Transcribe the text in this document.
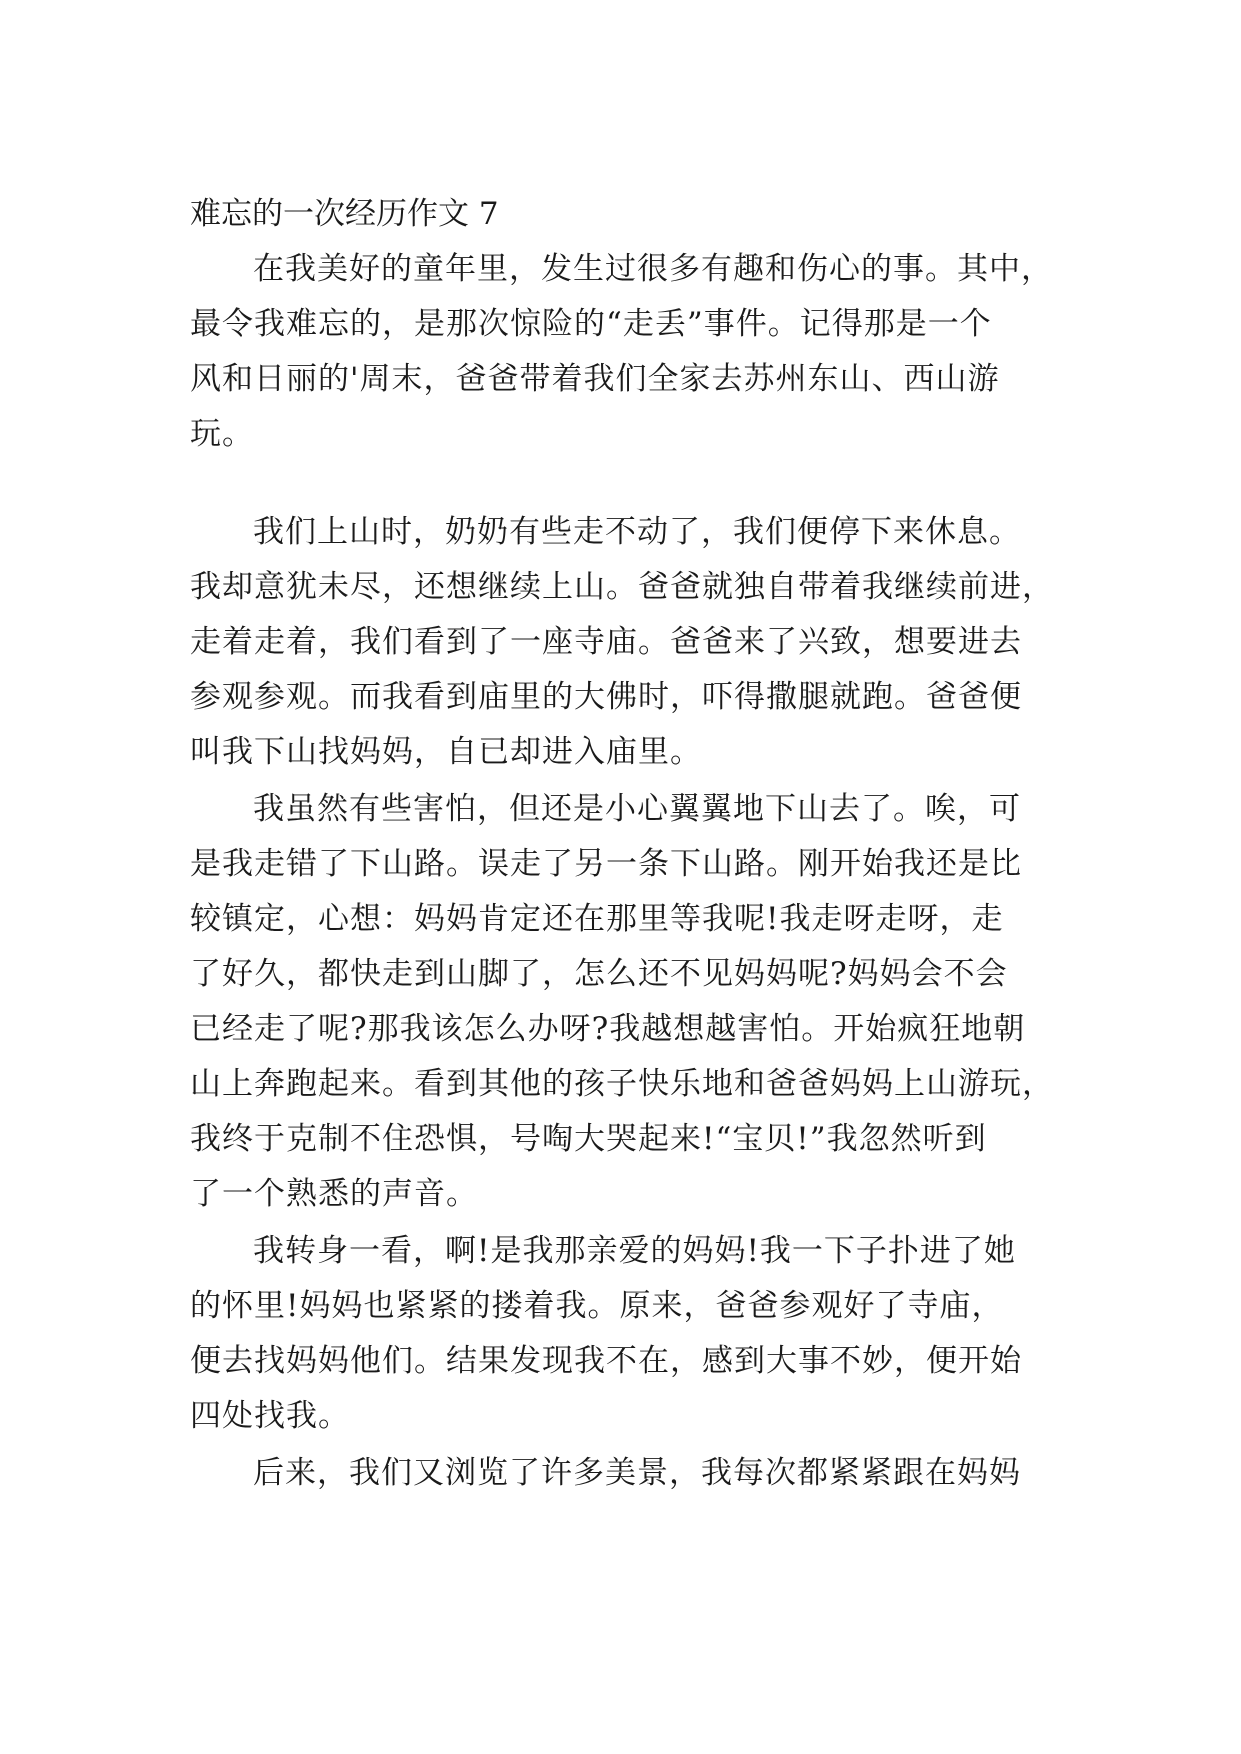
难忘的一次经历作文 7
在我美好的童年里，发生过很多有趣和伤心的事。其中，
最令我难忘的，是那次惊险的“走丢”事件。记得那是一个
风和日丽的'周末，爸爸带着我们全家去苏州东山、西山游
玩。
我们上山时，奶奶有些走不动了，我们便停下来休息。
我却意犹未尽，还想继续上山。爸爸就独自带着我继续前进，
走着走着，我们看到了一座寺庙。爸爸来了兴致，想要进去
参观参观。而我看到庙里的大佛时，吓得撒腿就跑。爸爸便
叫我下山找妈妈，自已却进入庙里。
我虽然有些害怕，但还是小心翼翼地下山去了。唉，可
是我走错了下山路。误走了另一条下山路。刚开始我还是比
较镇定，心想：妈妈肯定还在那里等我呢!我走呀走呀，走
了好久，都快走到山脚了，怎么还不见妈妈呢?妈妈会不会
已经走了呢?那我该怎么办呀?我越想越害怕。开始疯狂地朝
山上奔跑起来。看到其他的孩子快乐地和爸爸妈妈上山游玩，
我终于克制不住恐惧，号啕大哭起来!“宝贝!”我忽然听到
了一个熟悉的声音。
我转身一看，啊!是我那亲爱的妈妈!我一下子扑进了她
的怀里!妈妈也紧紧的搂着我。原来，爸爸参观好了寺庙，
便去找妈妈他们。结果发现我不在，感到大事不妙，便开始
四处找我。
后来，我们又浏览了许多美景，我每次都紧紧跟在妈妈
